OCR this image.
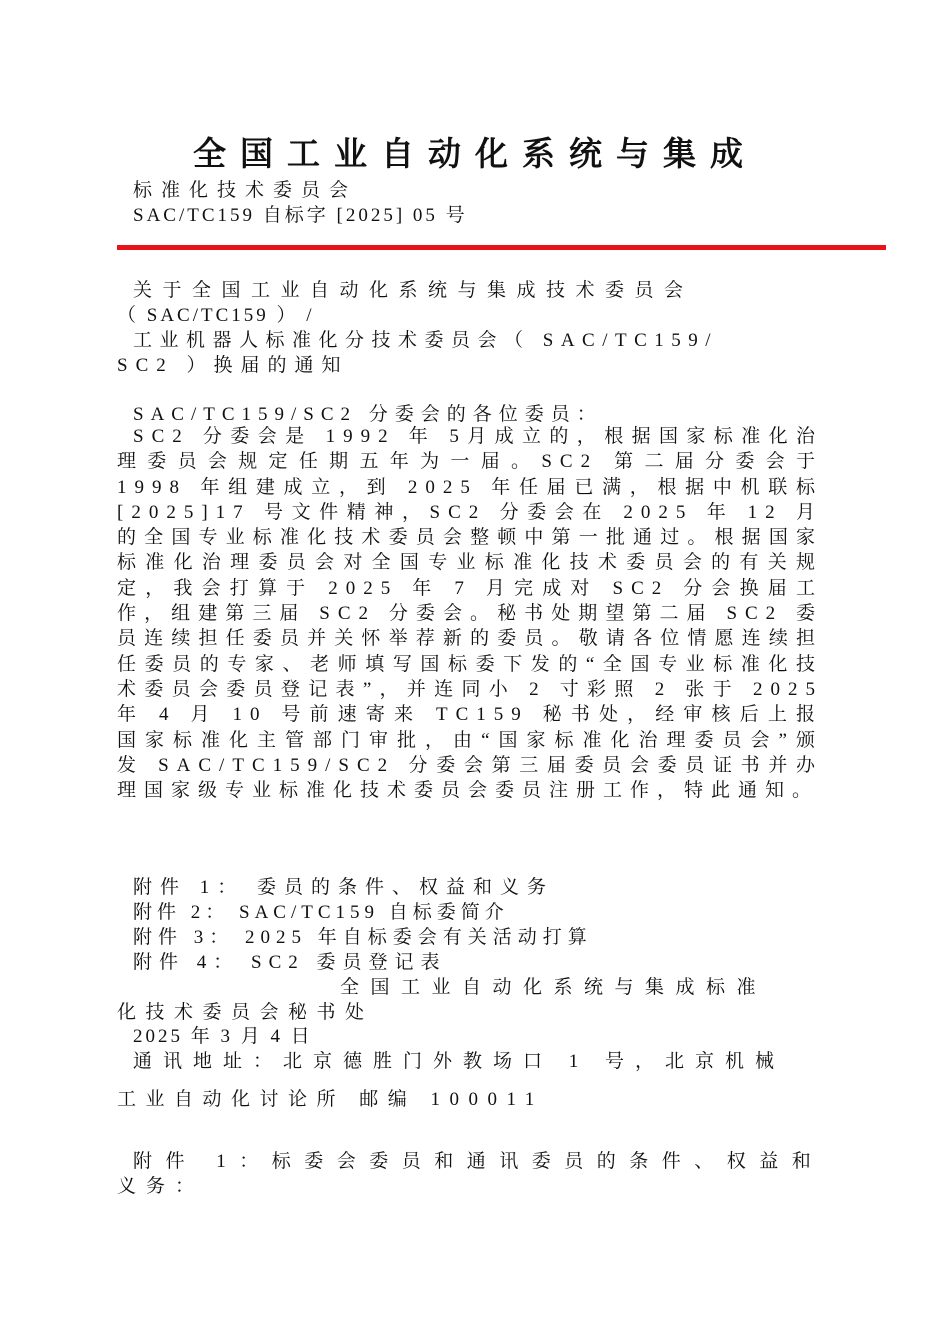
全国工业自动化系统与集成
标准化技术委员会
SAC/TC159 自标字 [2025] 05 号
关于全国工业自动化系统与集成技术委员会
（ SAC/TC159 ） /
工业机器人标准化分技术委员会（ SAC/TC159/
SC2 ）换届的通知
SAC/TC159/SC2 分委会的各位委员：
SC2 分委会是 1992 年 5月成立的，根据国家标准化治理委员会规定任期五年为一届。SC2 第二届分委会于 1998 年组建成立，到 2025 年任届已满，根据中机联标 [2025]17 号文件精神，SC2 分委会在 2025 年 12 月的全国专业标准化技术委员会整顿中第一批通过。根据国家标准化治理委员会对全国专业标准化技术委员会的有关规定，我会打算于 2025 年 7 月完成对 SC2 分会换届工作，组建第三届 SC2 分委会。秘书处期望第二届 SC2 委员连续担任委员并关怀举荐新的委员。敬请各位情愿连续担任委员的专家、老师填写国标委下发的“全国专业标准化技术委员会委员登记表”，并连同小 2 寸彩照 2 张于 2025 年 4 月 10 号前速寄来 TC159 秘书处，经审核后上报国家标准化主管部门审批，由“国家标准化治理委员会”颁发 SAC/TC159/SC2 分委会第三届委员会委员证书并办理国家级专业标准化技术委员会委员注册工作，特此通知。
附件 1： 委员的条件、权益和义务
附件 2： SAC/TC159 自标委简介
附件 3： 2025 年自标委会有关活动打算
附件 4： SC2 委员登记表
全国工业自动化系统与集成标准
化技术委员会秘书处
2025 年 3 月 4 日
通讯地址：北京德胜门外教场口 1 号，北京机械
工业自动化讨论所 邮编 100011
附件 1：标委会委员和通讯委员的条件、权益和
义务：
